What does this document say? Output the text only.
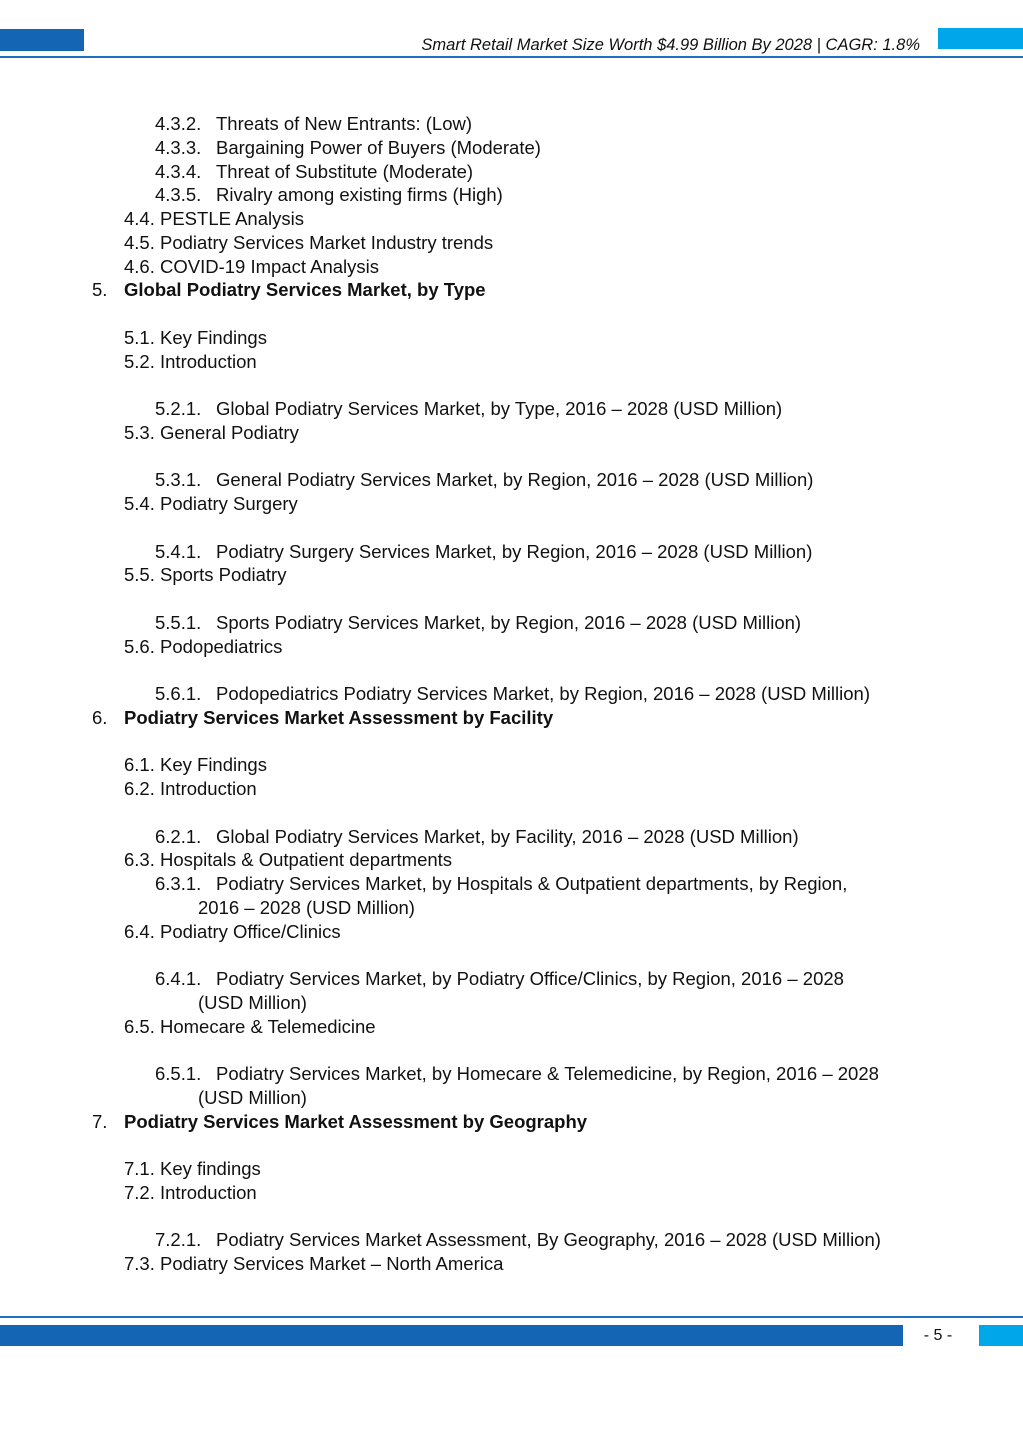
Smart Retail Market Size Worth $4.99 Billion By 2028 | CAGR: 1.8%
4.3.2. Threats of New Entrants: (Low)
4.3.3. Bargaining Power of Buyers (Moderate)
4.3.4. Threat of Substitute (Moderate)
4.3.5. Rivalry among existing firms (High)
4.4. PESTLE Analysis
4.5. Podiatry Services Market Industry trends
4.6. COVID-19 Impact Analysis
5. Global Podiatry Services Market, by Type
5.1. Key Findings
5.2. Introduction
5.2.1. Global Podiatry Services Market, by Type, 2016 – 2028 (USD Million)
5.3. General Podiatry
5.3.1. General Podiatry Services Market, by Region, 2016 – 2028 (USD Million)
5.4. Podiatry Surgery
5.4.1. Podiatry Surgery Services Market, by Region, 2016 – 2028 (USD Million)
5.5. Sports Podiatry
5.5.1. Sports Podiatry Services Market, by Region, 2016 – 2028 (USD Million)
5.6. Podopediatrics
5.6.1. Podopediatrics Podiatry Services Market, by Region, 2016 – 2028 (USD Million)
6. Podiatry Services Market Assessment by Facility
6.1. Key Findings
6.2. Introduction
6.2.1. Global Podiatry Services Market, by Facility, 2016 – 2028 (USD Million)
6.3. Hospitals & Outpatient departments
6.3.1. Podiatry Services Market, by Hospitals & Outpatient departments, by Region,
2016 – 2028 (USD Million)
6.4. Podiatry Office/Clinics
6.4.1. Podiatry Services Market, by Podiatry Office/Clinics, by Region, 2016 – 2028
(USD Million)
6.5. Homecare & Telemedicine
6.5.1. Podiatry Services Market, by Homecare & Telemedicine, by Region, 2016 – 2028
(USD Million)
7. Podiatry Services Market Assessment by Geography
7.1. Key findings
7.2. Introduction
7.2.1. Podiatry Services Market Assessment, By Geography, 2016 – 2028 (USD Million)
7.3. Podiatry Services Market – North America
- 5 -
